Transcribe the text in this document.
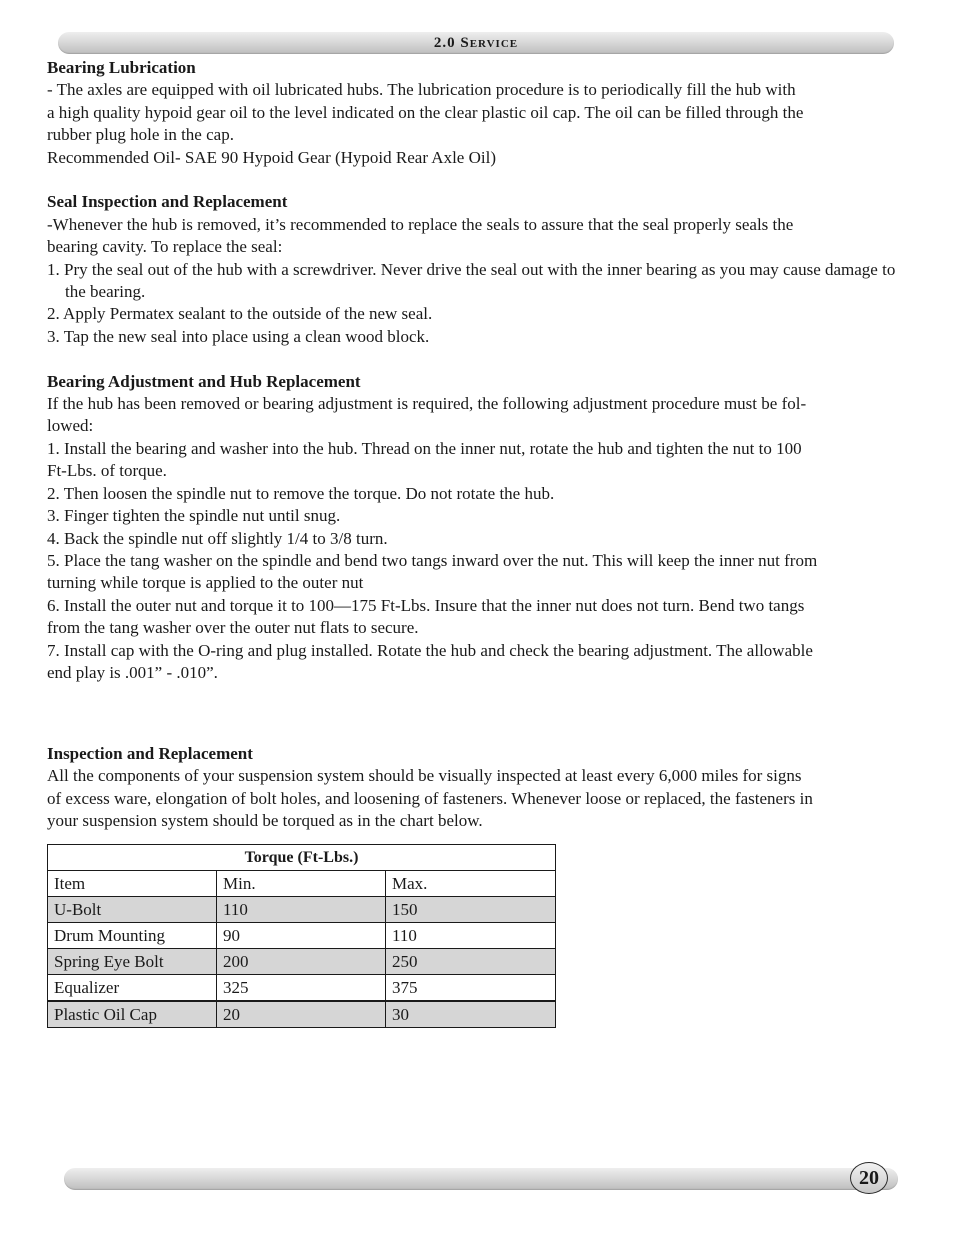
2.0 Service

Bearing Lubrication

- The axles are equipped with oil lubricated hubs. The lubrication procedure is to periodically fill the hub with

a high quality hypoid gear oil to the level indicated on the clear plastic oil cap. The oil can be filled through the

rubber plug hole in the cap.

Recommended Oil- SAE 90 Hypoid Gear (Hypoid Rear Axle Oil)

Seal Inspection and Replacement

-Whenever the hub is removed, it’s recommended to replace the seals to assure that the seal properly seals the

bearing cavity. To replace the seal:

1. Pry the seal out of the hub with a screwdriver. Never drive the seal out with the inner bearing as you may cause damage to the bearing.

2. Apply Permatex sealant to the outside of the new seal.

3. Tap the new seal into place using a clean wood block.

Bearing Adjustment and Hub Replacement

If the hub has been removed or bearing adjustment is required, the following adjustment procedure must be fol-

lowed:

1. Install the bearing and washer into the hub. Thread on the inner nut, rotate the hub and tighten the nut to 100

Ft-Lbs. of torque.

2. Then loosen the spindle nut to remove the torque. Do not rotate the hub.

3. Finger tighten the spindle nut until snug.

4. Back the spindle nut off slightly 1/4 to 3/8 turn.

5. Place the tang washer on the spindle and bend two tangs inward over the nut. This will keep the inner nut from

turning while torque is applied to the outer nut

6. Install the outer nut and torque it to 100—175 Ft-Lbs. Insure that the inner nut does not turn. Bend two tangs

from the tang washer over the outer nut flats to secure.

7. Install cap with the O-ring and plug installed. Rotate the hub and check the bearing adjustment. The allowable

end play is .001” - .010”.

Inspection and Replacement

All the components of your suspension system should be visually inspected at least every 6,000 miles for signs

of excess ware, elongation of bolt holes, and loosening of fasteners. Whenever loose or replaced, the fasteners in

your suspension system should be torqued as in the chart below.

Torque (Ft-Lbs.)		
Item	Min.	Max.
U-Bolt	110	150
Drum Mounting	90	110
Spring Eye Bolt	200	250
Equalizer	325	375
Plastic Oil Cap	20	30
20
